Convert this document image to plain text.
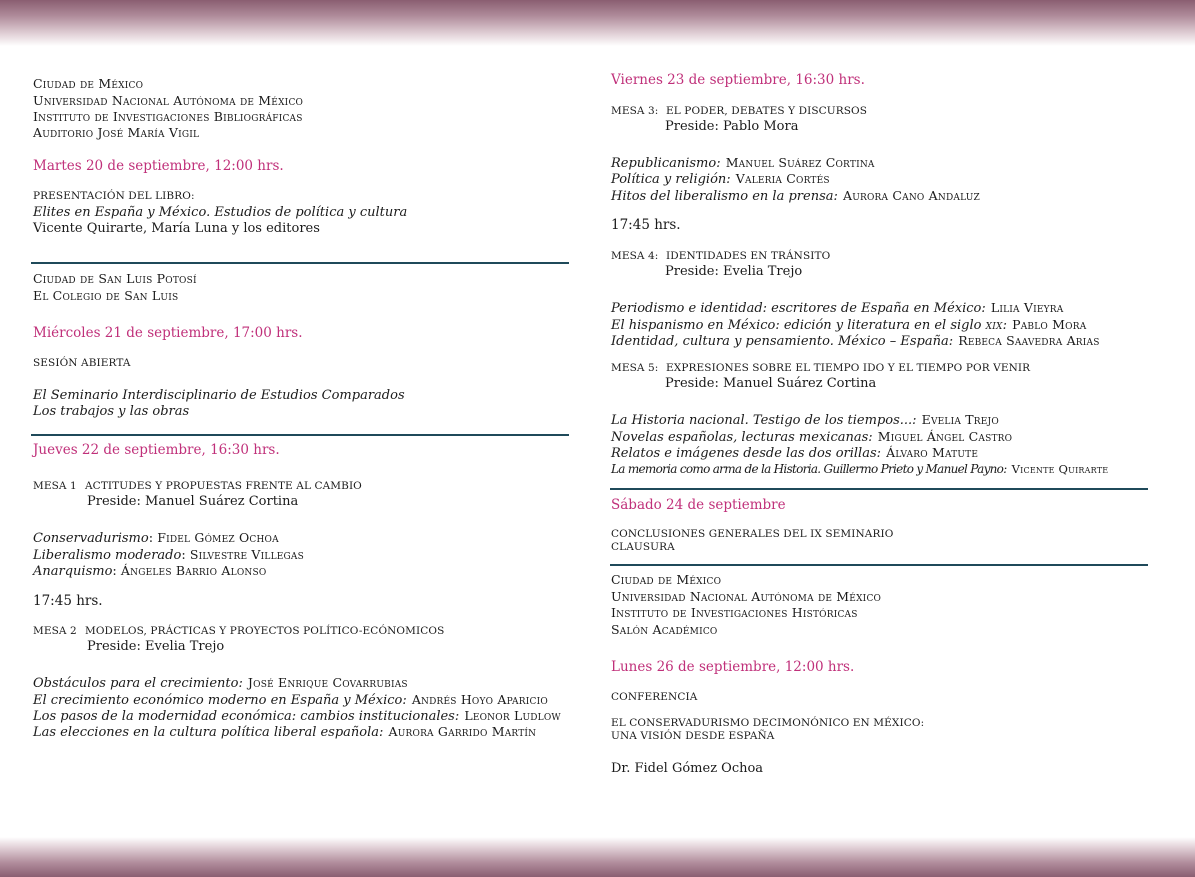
Ciudad de México
Universidad Nacional Autónoma de México
Instituto de Investigaciones Bibliográficas
Auditorio José María Vigil
Martes 20 de septiembre, 12:00 hrs.
PRESENTACIÓN DEL LIBRO:
Elites en España y México. Estudios de política y cultura
Vicente Quirarte, María Luna y los editores
Ciudad de San Luis Potosí
El Colegio de San Luis
Miércoles 21 de septiembre, 17:00 hrs.
SESIÓN ABIERTA
El Seminario Interdisciplinario de Estudios Comparados
Los trabajos y las obras
Jueves 22 de septiembre, 16:30 hrs.
MESA 1 ACTITUDES Y PROPUESTAS FRENTE AL CAMBIO
Preside: Manuel Suárez Cortina
Conservadurismo: Fidel Gómez Ochoa
Liberalismo moderado: Silvestre Villegas
Anarquismo: Ángeles Barrio Alonso
17:45 hrs.
MESA 2 MODELOS, PRÁCTICAS Y PROYECTOS POLÍTICO-ECÓNOMICOS
Preside: Evelia Trejo
Obstáculos para el crecimiento: José Enrique Covarrubias
El crecimiento económico moderno en España y México: Andrés Hoyo Aparicio
Los pasos de la modernidad económica: cambios institucionales: Leonor Ludlow
Las elecciones en la cultura política liberal española: Aurora Garrido Martín
Viernes 23 de septiembre, 16:30 hrs.
MESA 3: EL PODER, DEBATES Y DISCURSOS
Preside: Pablo Mora
Republicanismo: Manuel Suárez Cortina
Política y religión: Valeria Cortés
Hitos del liberalismo en la prensa: Aurora Cano Andaluz
17:45 hrs.
MESA 4: IDENTIDADES EN TRÁNSITO
Preside: Evelia Trejo
Periodismo e identidad: escritores de España en México: Lilia Vieyra
El hispanismo en México: edición y literatura en el siglo xix: Pablo Mora
Identidad, cultura y pensamiento. México – España: Rebeca Saavedra Arias
MESA 5: EXPRESIONES SOBRE EL TIEMPO IDO Y EL TIEMPO POR VENIR
Preside: Manuel Suárez Cortina
La Historia nacional. Testigo de los tiempos...: Evelia Trejo
Novelas españolas, lecturas mexicanas: Miguel Ángel Castro
Relatos e imágenes desde las dos orillas: Álvaro Matute
La memoria como arma de la Historia. Guillermo Prieto y Manuel Payno: Vicente Quirarte
Sábado 24 de septiembre
CONCLUSIONES GENERALES DEL IX SEMINARIO
CLAUSURA
Ciudad de México
Universidad Nacional Autónoma de México
Instituto de Investigaciones Históricas
Salón Académico
Lunes 26 de septiembre, 12:00 hrs.
CONFERENCIA
EL CONSERVADURISMO DECIMONÓNICO EN MÉXICO:
UNA VISIÓN DESDE ESPAÑA
Dr. Fidel Gómez Ochoa
